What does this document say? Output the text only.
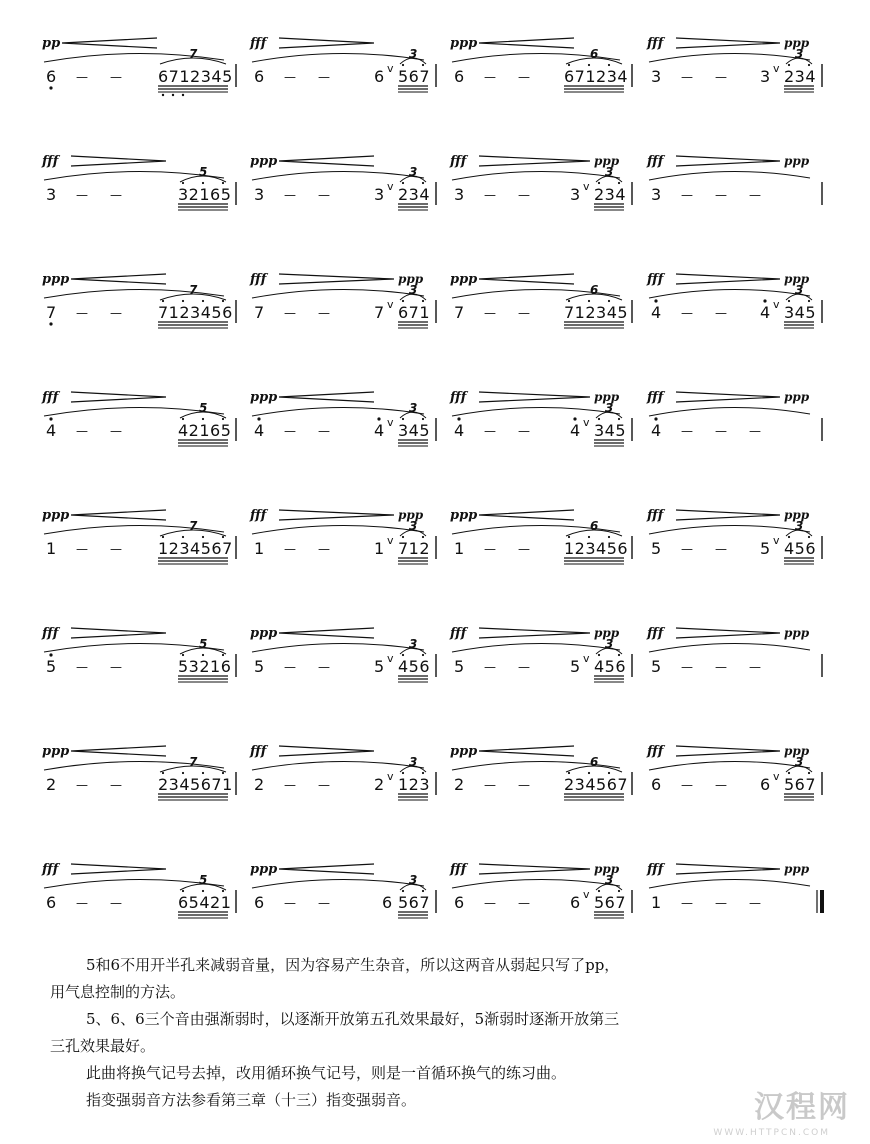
pp
6 — — 6712345
7
fff
6 — —	6 v 567
3
ppp
6 — — 671234
6
fff	ppp
3 — — 3 v 234
3
fff
3 — —	32165
5
ppp
3 — —	3 v 234
3
fff	ppp
3 — —	3 v 234
3
fff	ppp
3 — — —
ppp
7 — — 7123456
7
fff	ppp
7 — —	7 v 671
3
ppp
7 — — 712345
6
fff	ppp
4 — — 4 v 345
3
fff
4 — —	42165
5
ppp
4 — —	4 v 345
3
fff	ppp
4 — —	4 v 345
3
fff	ppp
4 — — —
ppp
1 — — 1234567
7
fff	ppp
1 — —	1 v 712
3
ppp
1 — — 123456
6
fff	ppp
5 — — 5 v 456
3
fff
5 — —	53216
5
ppp
5 — —	5 v 456
3
fff	ppp
5 — —	5 v 456
3
fff	ppp
5 — — —
ppp
2 — — 2345671
7
fff
2 — —	2 v 123
3
ppp
2 — — 234567
6
fff	ppp
6 — — 6 v 567
3
fff
6 — —	65421
5
ppp
6 — —	6 567
3
fff	ppp
6 — —	6 v 567
3
fff	ppp
1 — — —

5和6不用开半孔来减弱音量，因为容易产生杂音，所以这两音从弱起只写了pp，

用气息控制的方法。

5、6、6三个音由强渐弱时，以逐渐开放第五孔效果最好，5渐弱时逐渐开放第三

三孔效果最好。

此曲将换气记号去掉，改用循环换气记号，则是一首循环换气的练习曲。

指变强弱音方法参看第三章（十三）指变强弱音。	汉程网
WWW.HTTPCN.COM
